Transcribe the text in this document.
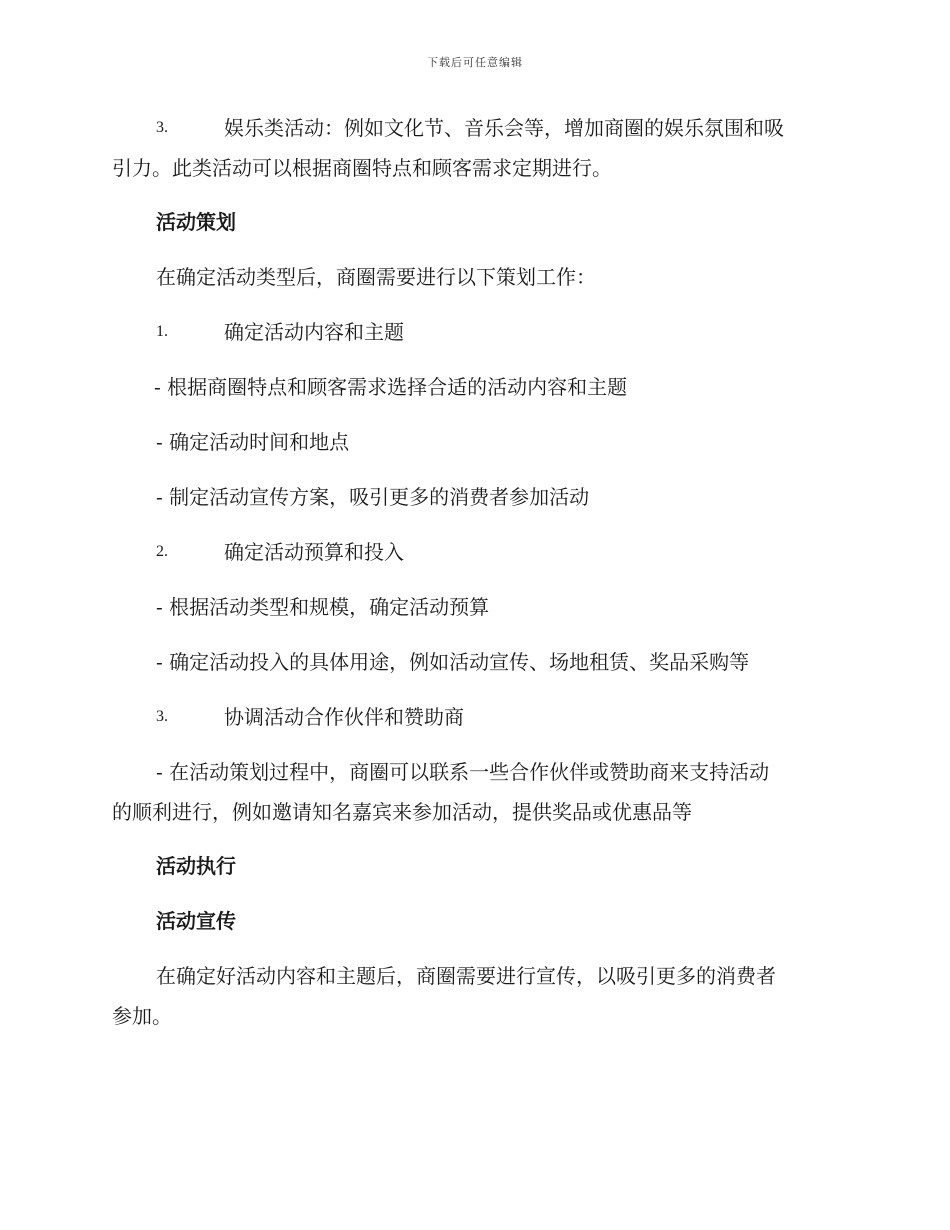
下载后可任意编辑
3.	娱乐类活动：例如文化节、音乐会等，增加商圈的娱乐氛围和吸

引力。此类活动可以根据商圈特点和顾客需求定期进行。

活动策划

在确定活动类型后，商圈需要进行以下策划工作：

1.	确定活动内容和主题
- 根据商圈特点和顾客需求选择合适的活动内容和主题
- 确定活动时间和地点
- 制定活动宣传方案，吸引更多的消费者参加活动
2.	确定活动预算和投入
- 根据活动类型和规模，确定活动预算
- 确定活动投入的具体用途，例如活动宣传、场地租赁、奖品采购等
3.	协调活动合作伙伴和赞助商
- 在活动策划过程中，商圈可以联系一些合作伙伴或赞助商来支持活动
的顺利进行，例如邀请知名嘉宾来参加活动，提供奖品或优惠品等
活动执行
活动宣传

在确定好活动内容和主题后，商圈需要进行宣传，以吸引更多的消费者

参加。
